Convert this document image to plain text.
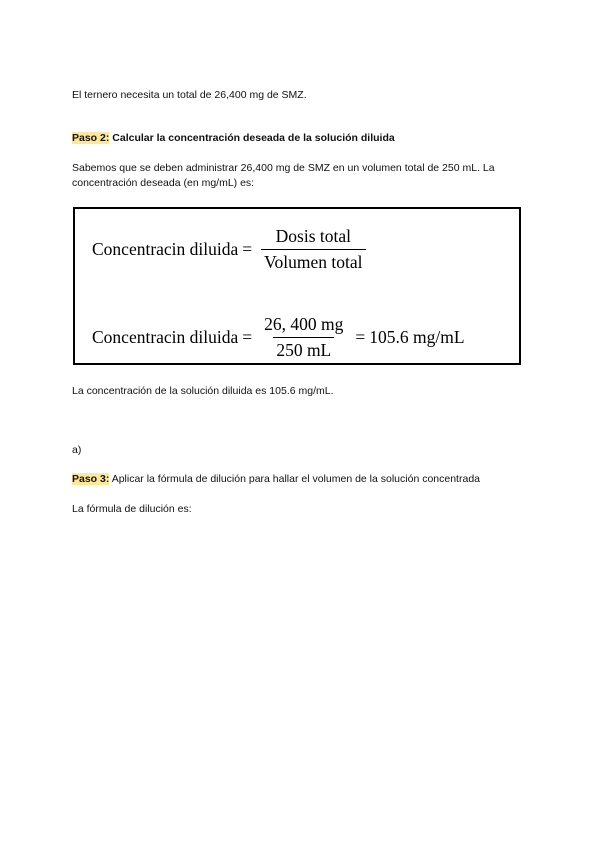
El ternero necesita un total de 26,400 mg de SMZ.

Paso 2: Calcular la concentración deseada de la solución diluida

Sabemos que se deben administrar 26,400 mg de SMZ en un volumen total de 250 mL. La

concentración deseada (en mg/mL) es:

Concentracin diluida = $\frac{\text{Dosis total}}{\text{Volumen total}}$
Concentracin diluida = $\frac{26, 400 mg}{250 mL} = 105.6$ mg/mL

La concentración de la solución diluida es 105.6 mg/mL.

a)

Paso 3: Aplicar la fórmula de dilución para hallar el volumen de la solución concentrada

La fórmula de dilución es:
